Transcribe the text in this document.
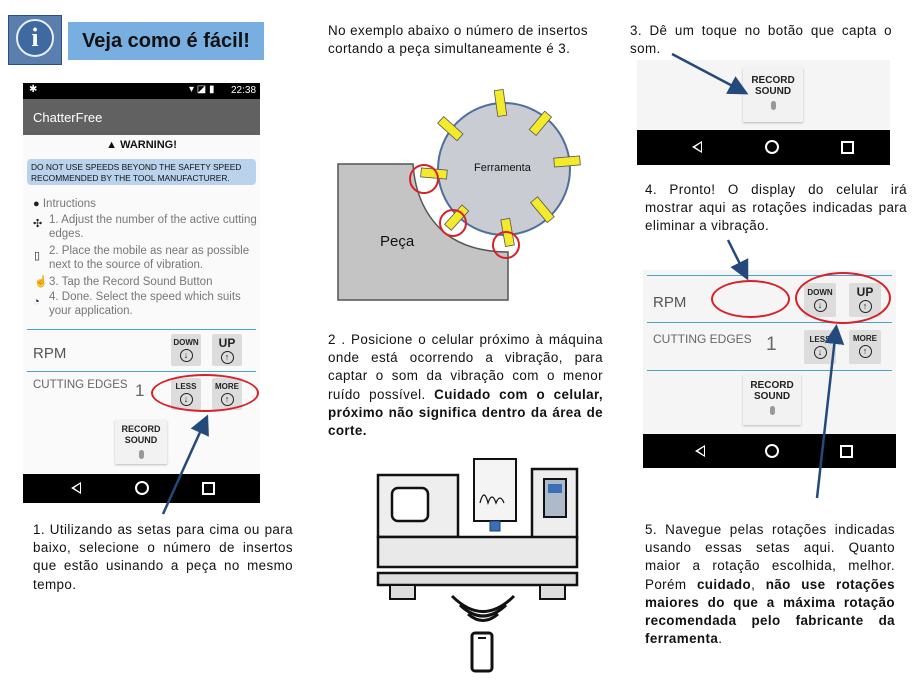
i	Veja como é fácil!
✱	▾ ◪ ▮ 22:38
ChatterFree
▲ WARNING!
DO NOT USE SPEEDS BEYOND THE SAFETY SPEED RECOMMENDED BY THE TOOL MANUFACTURER.
● Intructions
✣ 1. Adjust the number of the active cutting edges.
▯ 2. Place the mobile as near as possible next to the source of vibration.
☝ 3. Tap the Record Sound Button
◔ 4. Done. Select the speed which suits your application.
RPM
DOWN
↓
UP
↑
CUTTING EDGES 1	LESS
↓
MORE
↑
RECORD SOUND
No exemplo abaixo o número de insertos cortando a peça simultaneamente é 3.
Ferramenta
Peça
2 . Posicione o celular próximo à máquina onde está ocorrendo a vibração, para captar o som da vibração com o menor ruído possível. Cuidado com o celular, próximo não significa dentro da área de corte.
1. Utilizando as setas para cima ou para baixo, selecione o número de insertos que estão usinando a peça no mesmo tempo.
3. Dê um toque no botão que capta o som.
RECORD SOUND
4. Pronto! O display do celular irá mostrar aqui as rotações indicadas para eliminar a vibração.
RPM
DOWN
↓
UP
↑
CUTTING EDGES 1	LESS
↓
MORE
↑
RECORD SOUND
5. Navegue pelas rotações indicadas usando essas setas aqui. Quanto maior a rotação escolhida, melhor. Porém cuidado, não use rotações maiores do que a máxima rotação recomendada pelo fabricante da ferramenta.
